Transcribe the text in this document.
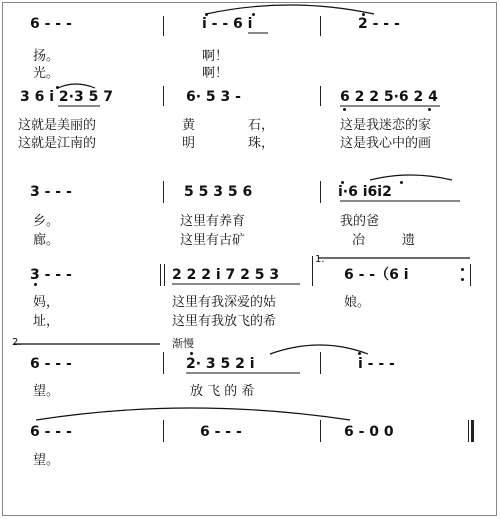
6 - - -	i - - 6 i	2 - - -
扬。	啊！
光。	啊！
3 6 i 2·3 5 7	6· 5 3 -	6 2 2 5·6 2 4
这就是美丽的	黄	石，	这是我迷恋的家
这就是江南的	明	珠，	这是我心中的画
3 - - -	5 5 3 5 6	i·6 i6i2
乡。	这里有养育	我的爸
廊。	这里有古矿	冶	遗
3 - - -	2 2 2 i 7 2 5 3	6 - -（6 i
1.
妈，	这里有我深爱的姑	娘。
址，	这里有我放飞的希
2.	渐慢
6 - - -	2· 3 5 2 i	i - - -
望。	放 飞 的 希
6 - - -	6 - - -	6 - 0 0
望。
